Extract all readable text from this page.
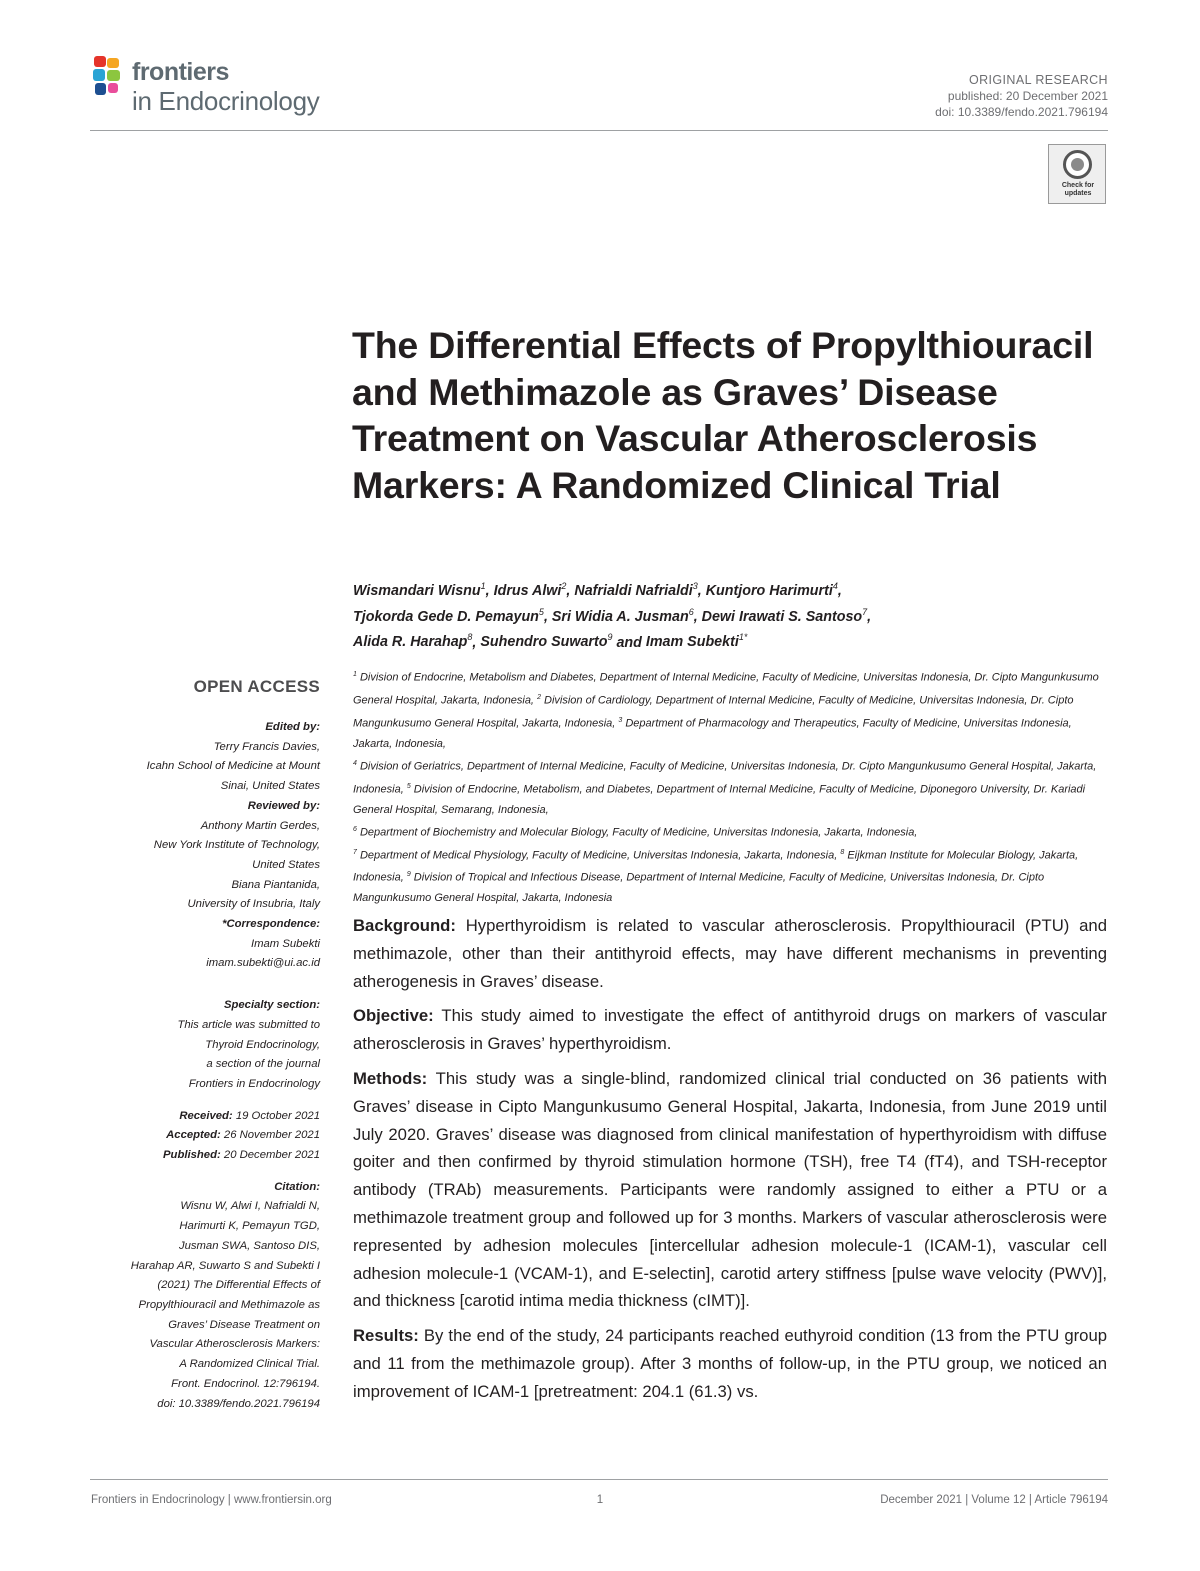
frontiers
in Endocrinology
ORIGINAL RESEARCH
published: 20 December 2021
doi: 10.3389/fendo.2021.796194
Check for updates
The Differential Effects of Propylthiouracil and Methimazole as Graves’ Disease Treatment on Vascular Atherosclerosis Markers: A Randomized Clinical Trial
Wismandari Wisnu$^1$, Idrus Alwi$^2$, Nafrialdi Nafrialdi$^3$, Kuntjoro Harimurti$^4$,
Tjokorda Gede D. Pemayun$^5$, Sri Widia A. Jusman$^6$, Dewi Irawati S. Santoso$^7$,
Alida R. Harahap$^8$, Suhendro Suwarto$^9$ and Imam Subekti$^{1*}$
$^1$ Division of Endocrine, Metabolism and Diabetes, Department of Internal Medicine, Faculty of Medicine, Universitas Indonesia, Dr. Cipto Mangunkusumo General Hospital, Jakarta, Indonesia, $^2$ Division of Cardiology, Department of Internal Medicine, Faculty of Medicine, Universitas Indonesia, Dr. Cipto Mangunkusumo General Hospital, Jakarta, Indonesia, $^3$ Department of Pharmacology and Therapeutics, Faculty of Medicine, Universitas Indonesia, Jakarta, Indonesia,
$^4$ Division of Geriatrics, Department of Internal Medicine, Faculty of Medicine, Universitas Indonesia, Dr. Cipto Mangunkusumo General Hospital, Jakarta, Indonesia, $^5$ Division of Endocrine, Metabolism, and Diabetes, Department of Internal Medicine, Faculty of Medicine, Diponegoro University, Dr. Kariadi General Hospital, Semarang, Indonesia,
$^6$ Department of Biochemistry and Molecular Biology, Faculty of Medicine, Universitas Indonesia, Jakarta, Indonesia,
$^7$ Department of Medical Physiology, Faculty of Medicine, Universitas Indonesia, Jakarta, Indonesia, $^8$ Eijkman Institute for Molecular Biology, Jakarta, Indonesia, $^9$ Division of Tropical and Infectious Disease, Department of Internal Medicine, Faculty of Medicine, Universitas Indonesia, Dr. Cipto Mangunkusumo General Hospital, Jakarta, Indonesia
OPEN ACCESS
Edited by:
Terry Francis Davies,
Icahn School of Medicine at Mount
Sinai, United States
Reviewed by:
Anthony Martin Gerdes,
New York Institute of Technology,
United States
Biana Piantanida,
University of Insubria, Italy
*Correspondence:
Imam Subekti
imam.subekti@ui.ac.id
Specialty section:
This article was submitted to
Thyroid Endocrinology,
a section of the journal
Frontiers in Endocrinology
Received: 19 October 2021
Accepted: 26 November 2021
Published: 20 December 2021
Citation:
Wisnu W, Alwi I, Nafrialdi N,
Harimurti K, Pemayun TGD,
Jusman SWA, Santoso DIS,
Harahap AR, Suwarto S and Subekti I
(2021) The Differential Effects of
Propylthiouracil and Methimazole as
Graves’ Disease Treatment on
Vascular Atherosclerosis Markers:
A Randomized Clinical Trial.
Front. Endocrinol. 12:796194.
doi: 10.3389/fendo.2021.796194

Background: Hyperthyroidism is related to vascular atherosclerosis. Propylthiouracil (PTU) and methimazole, other than their antithyroid effects, may have different mechanisms in preventing atherogenesis in Graves’ disease.

Objective: This study aimed to investigate the effect of antithyroid drugs on markers of vascular atherosclerosis in Graves’ hyperthyroidism.

Methods: This study was a single-blind, randomized clinical trial conducted on 36 patients with Graves’ disease in Cipto Mangunkusumo General Hospital, Jakarta, Indonesia, from June 2019 until July 2020. Graves’ disease was diagnosed from clinical manifestation of hyperthyroidism with diffuse goiter and then confirmed by thyroid stimulation hormone (TSH), free T4 (fT4), and TSH-receptor antibody (TRAb) measurements. Participants were randomly assigned to either a PTU or a methimazole treatment group and followed up for 3 months. Markers of vascular atherosclerosis were represented by adhesion molecules [intercellular adhesion molecule-1 (ICAM-1), vascular cell adhesion molecule-1 (VCAM-1), and E-selectin], carotid artery stiffness [pulse wave velocity (PWV)], and thickness [carotid intima media thickness (cIMT)].

Results: By the end of the study, 24 participants reached euthyroid condition (13 from the PTU group and 11 from the methimazole group). After 3 months of follow-up, in the PTU group, we noticed an improvement of ICAM-1 [pretreatment: 204.1 (61.3) vs.

Frontiers in Endocrinology | www.frontiersin.org	1	December 2021 | Volume 12 | Article 796194
